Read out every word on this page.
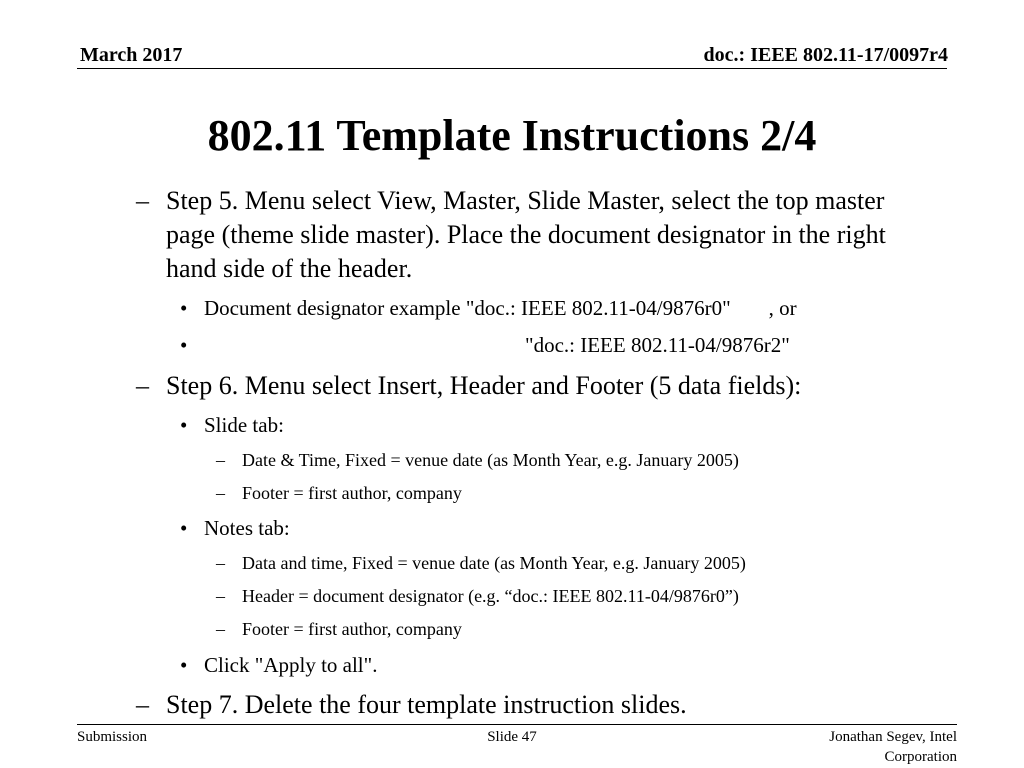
March 2017	doc.: IEEE 802.11-17/0097r4
802.11 Template Instructions 2/4
– Step 5. Menu select View, Master, Slide Master, select the top master page (theme slide master). Place the document designator in the right hand side of the header.
• Document designator example "doc.: IEEE 802.11-04/9876r0" , or
•	"doc.: IEEE 802.11-04/9876r2"
– Step 6. Menu select Insert, Header and Footer (5 data fields):
• Slide tab:
– Date & Time, Fixed = venue date (as Month Year, e.g. January 2005)
– Footer = first author, company
• Notes tab:
– Data and time, Fixed = venue date (as Month Year, e.g. January 2005)
– Header = document designator (e.g. “doc.: IEEE 802.11-04/9876r0”)
– Footer = first author, company
• Click "Apply to all".
– Step 7. Delete the four template instruction slides.
Submission	Slide 47	Jonathan Segev, Intel
Corporation
